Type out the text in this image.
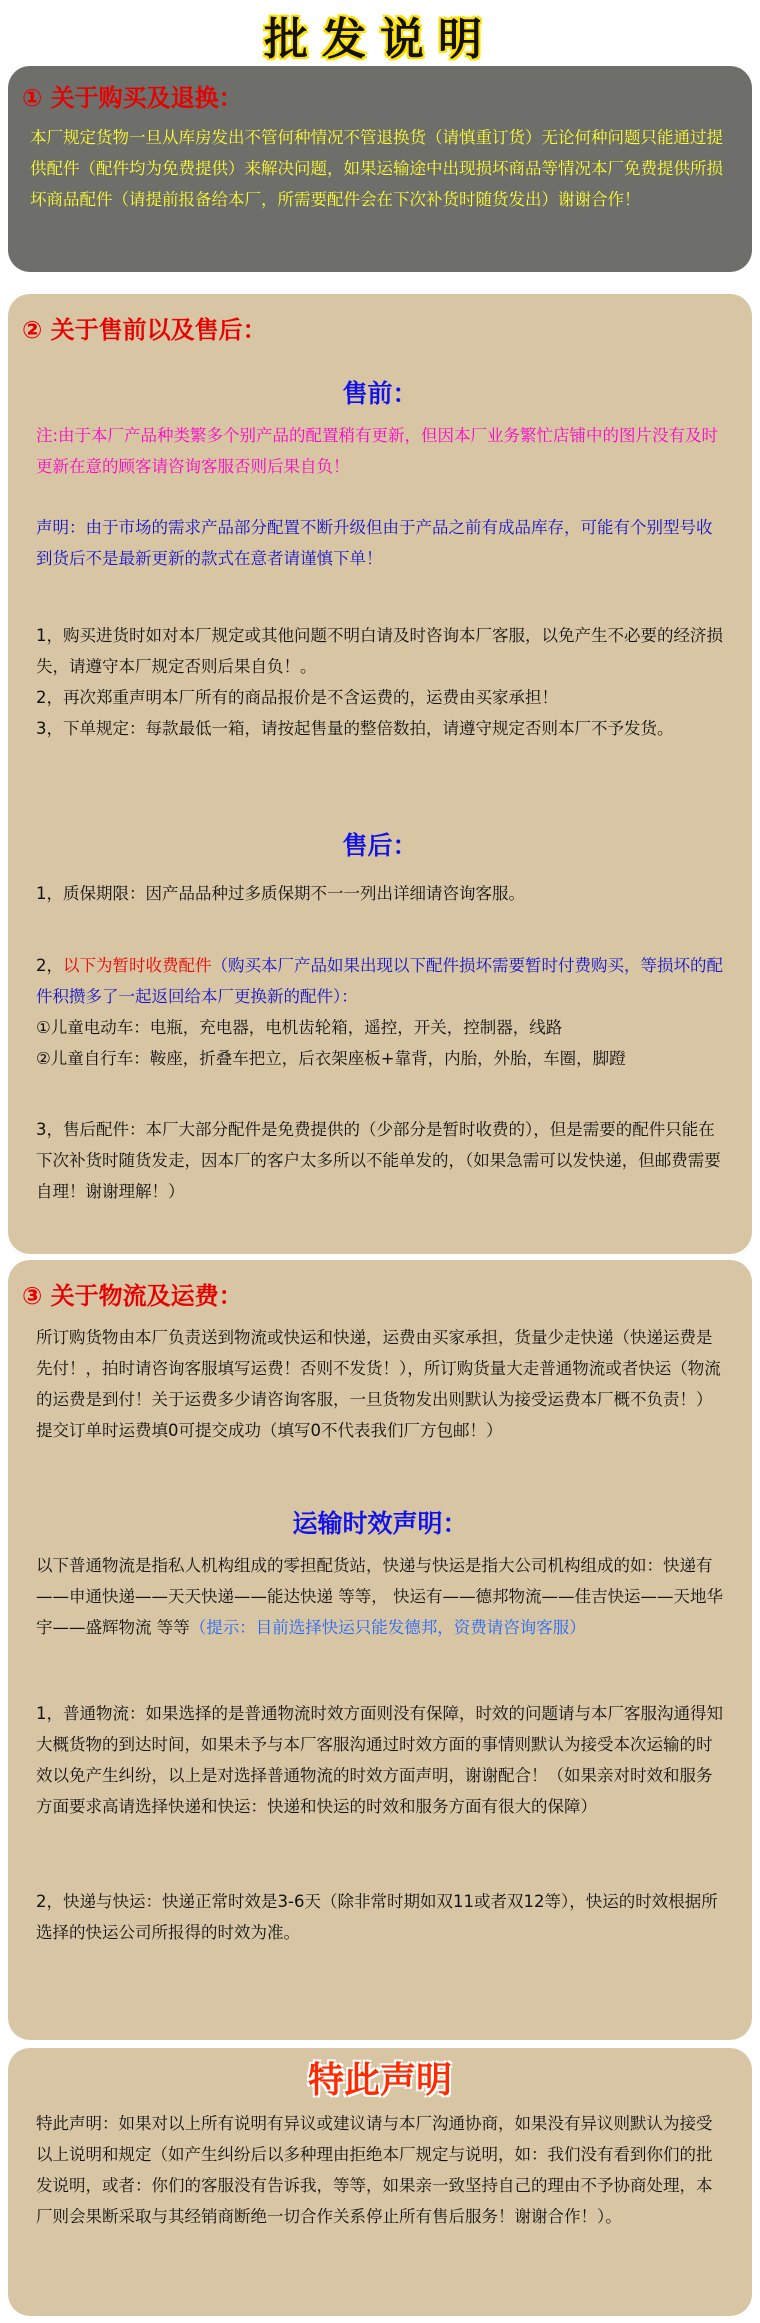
批发说明
① 关于购买及退换：

本厂规定货物一旦从库房发出不管何种情况不管退换货（请慎重订货）无论何种问题只能通过提供配件（配件均为免费提供）来解决问题，如果运输途中出现损坏商品等情况本厂免费提供所损坏商品配件（请提前报备给本厂，所需要配件会在下次补货时随货发出）谢谢合作！

② 关于售前以及售后：
售前：

注:由于本厂产品种类繁多个别产品的配置稍有更新，但因本厂业务繁忙店铺中的图片没有及时更新在意的顾客请咨询客服否则后果自负！

声明：由于市场的需求产品部分配置不断升级但由于产品之前有成品库存，可能有个别型号收到货后不是最新更新的款式在意者请谨慎下单！

1，购买进货时如对本厂规定或其他问题不明白请及时咨询本厂客服，以免产生不必要的经济损失，请遵守本厂规定否则后果自负！。

2，再次郑重声明本厂所有的商品报价是不含运费的，运费由买家承担！

3，下单规定：每款最低一箱，请按起售量的整倍数拍，请遵守规定否则本厂不予发货。

售后：

1，质保期限：因产品品种过多质保期不一一列出详细请咨询客服。

2，以下为暂时收费配件（购买本厂产品如果出现以下配件损坏需要暂时付费购买，等损坏的配件积攒多了一起返回给本厂更换新的配件）：

①儿童电动车：电瓶，充电器，电机齿轮箱，遥控，开关，控制器，线路

②儿童自行车：鞍座，折叠车把立，后衣架座板+靠背，内胎，外胎，车圈，脚蹬

3，售后配件：本厂大部分配件是免费提供的（少部分是暂时收费的），但是需要的配件只能在下次补货时随货发走，因本厂的客户太多所以不能单发的，（如果急需可以发快递，但邮费需要自理！谢谢理解！）

③ 关于物流及运费：

所订购货物由本厂负责送到物流或快运和快递，运费由买家承担，货量少走快递（快递运费是先付！，拍时请咨询客服填写运费！否则不发货！），所订购货量大走普通物流或者快运（物流的运费是到付！关于运费多少请咨询客服，一旦货物发出则默认为接受运费本厂概不负责！）提交订单时运费填0可提交成功（填写0不代表我们厂方包邮！）

运输时效声明：

以下普通物流是指私人机构组成的零担配货站，快递与快运是指大公司机构组成的如：快递有——申通快递——天天快递——能达快递 等等， 快运有——德邦物流——佳吉快运——天地华宇——盛辉物流 等等（提示：目前选择快运只能发德邦，资费请咨询客服）

1，普通物流：如果选择的是普通物流时效方面则没有保障，时效的问题请与本厂客服沟通得知大概货物的到达时间，如果未予与本厂客服沟通过时效方面的事情则默认为接受本次运输的时效以免产生纠纷，以上是对选择普通物流的时效方面声明，谢谢配合！（如果亲对时效和服务方面要求高请选择快递和快运：快递和快运的时效和服务方面有很大的保障）

2，快递与快运：快递正常时效是3-6天（除非常时期如双11或者双12等），快运的时效根据所选择的快运公司所报得的时效为准。

特此声明

特此声明：如果对以上所有说明有异议或建议请与本厂沟通协商，如果没有异议则默认为接受以上说明和规定（如产生纠纷后以多种理由拒绝本厂规定与说明，如：我们没有看到你们的批发说明，或者：你们的客服没有告诉我，等等，如果亲一致坚持自己的理由不予协商处理，本厂则会果断采取与其经销商断绝一切合作关系停止所有售后服务！谢谢合作！）。
